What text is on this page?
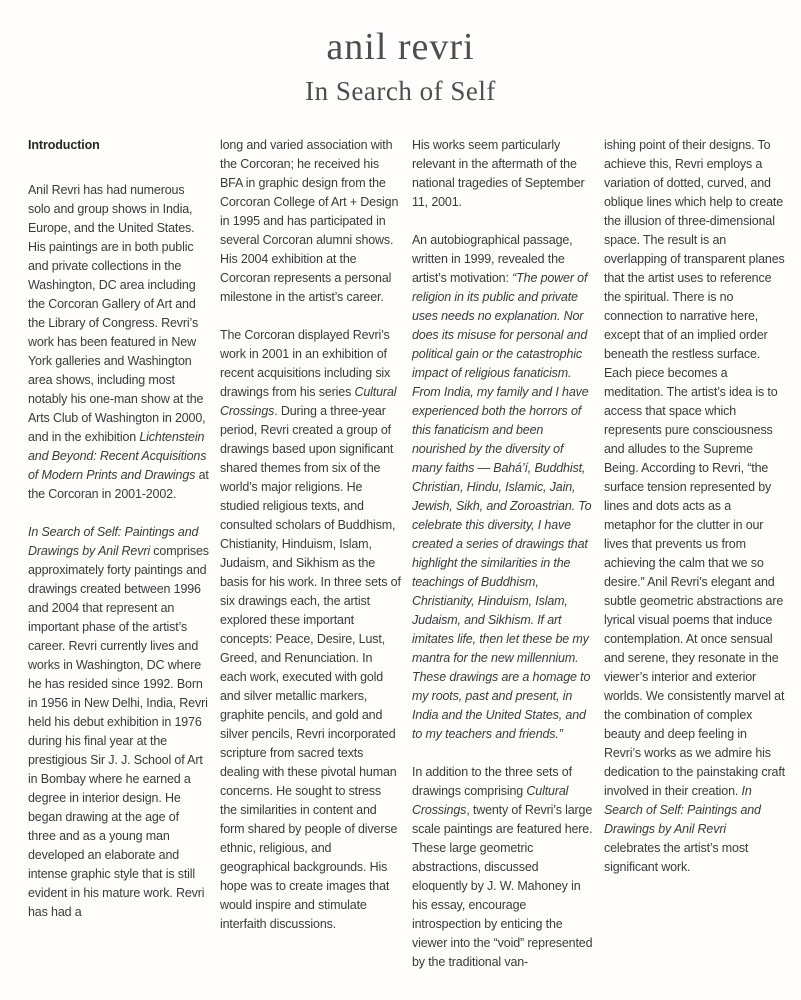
anil revri
In Search of Self
Introduction

Anil Revri has had numerous solo and group shows in India, Europe, and the United States. His paintings are in both public and private collections in the Washington, DC area including the Corcoran Gallery of Art and the Library of Congress. Revri’s work has been featured in New York galleries and Washington area shows, including most notably his one-man show at the Arts Club of Washington in 2000, and in the exhibition Lichtenstein and Beyond: Recent Acquisitions of Modern Prints and Drawings at the Corcoran in 2001-2002.

In Search of Self: Paintings and Drawings by Anil Revri comprises approximately forty paintings and drawings created between 1996 and 2004 that represent an important phase of the artist’s career. Revri currently lives and works in Washington, DC where he has resided since 1992. Born in 1956 in New Delhi, India, Revri held his debut exhibition in 1976 during his final year at the prestigious Sir J. J. School of Art in Bombay where he earned a degree in interior design. He began drawing at the age of three and as a young man developed an elaborate and intense graphic style that is still evident in his mature work. Revri has had a

long and varied association with the Corcoran; he received his BFA in graphic design from the Corcoran College of Art + Design in 1995 and has participated in several Corcoran alumni shows. His 2004 exhibition at the Corcoran represents a personal milestone in the artist’s career.

The Corcoran displayed Revri’s work in 2001 in an exhibition of recent acquisitions including six drawings from his series Cultural Crossings. During a three-year period, Revri created a group of drawings based upon significant shared themes from six of the world’s major religions. He studied religious texts, and consulted scholars of Buddhism, Chistianity, Hinduism, Islam, Judaism, and Sikhism as the basis for his work. In three sets of six drawings each, the artist explored these important concepts: Peace, Desire, Lust, Greed, and Renunciation. In each work, executed with gold and silver metallic markers, graphite pencils, and gold and silver pencils, Revri incorporated scripture from sacred texts dealing with these pivotal human concerns. He sought to stress the similarities in content and form shared by people of diverse ethnic, religious, and geographical backgrounds. His hope was to create images that would inspire and stimulate interfaith discussions.

His works seem particularly relevant in the aftermath of the national tragedies of September 11, 2001.

An autobiographical passage, written in 1999, revealed the artist’s motivation: “The power of religion in its public and private uses needs no explanation. Nor does its misuse for personal and political gain or the catastrophic impact of religious fanaticism. From India, my family and I have experienced both the horrors of this fanaticism and been nourished by the diversity of many faiths — Bahá’í, Buddhist, Christian, Hindu, Islamic, Jain, Jewish, Sikh, and Zoroastrian. To celebrate this diversity, I have created a series of drawings that highlight the similarities in the teachings of Buddhism, Christianity, Hinduism, Islam, Judaism, and Sikhism. If art imitates life, then let these be my mantra for the new millennium. These drawings are a homage to my roots, past and present, in India and the United States, and to my teachers and friends.”

In addition to the three sets of drawings comprising Cultural Crossings, twenty of Revri’s large scale paintings are featured here. These large geometric abstractions, discussed eloquently by J. W. Mahoney in his essay, encourage introspection by enticing the viewer into the “void” represented by the traditional van-

ishing point of their designs. To achieve this, Revri employs a variation of dotted, curved, and oblique lines which help to create the illusion of three-dimensional space. The result is an overlapping of transparent planes that the artist uses to reference the spiritual. There is no connection to narrative here, except that of an implied order beneath the restless surface. Each piece becomes a meditation. The artist’s idea is to access that space which represents pure consciousness and alludes to the Supreme Being. According to Revri, “the surface tension represented by lines and dots acts as a metaphor for the clutter in our lives that prevents us from achieving the calm that we so desire.” Anil Revri’s elegant and subtle geometric abstractions are lyrical visual poems that induce contemplation. At once sensual and serene, they resonate in the viewer’s interior and exterior worlds. We consistently marvel at the combination of complex beauty and deep feeling in Revri’s works as we admire his dedication to the painstaking craft involved in their creation. In Search of Self: Paintings and Drawings by Anil Revri celebrates the artist’s most significant work.
